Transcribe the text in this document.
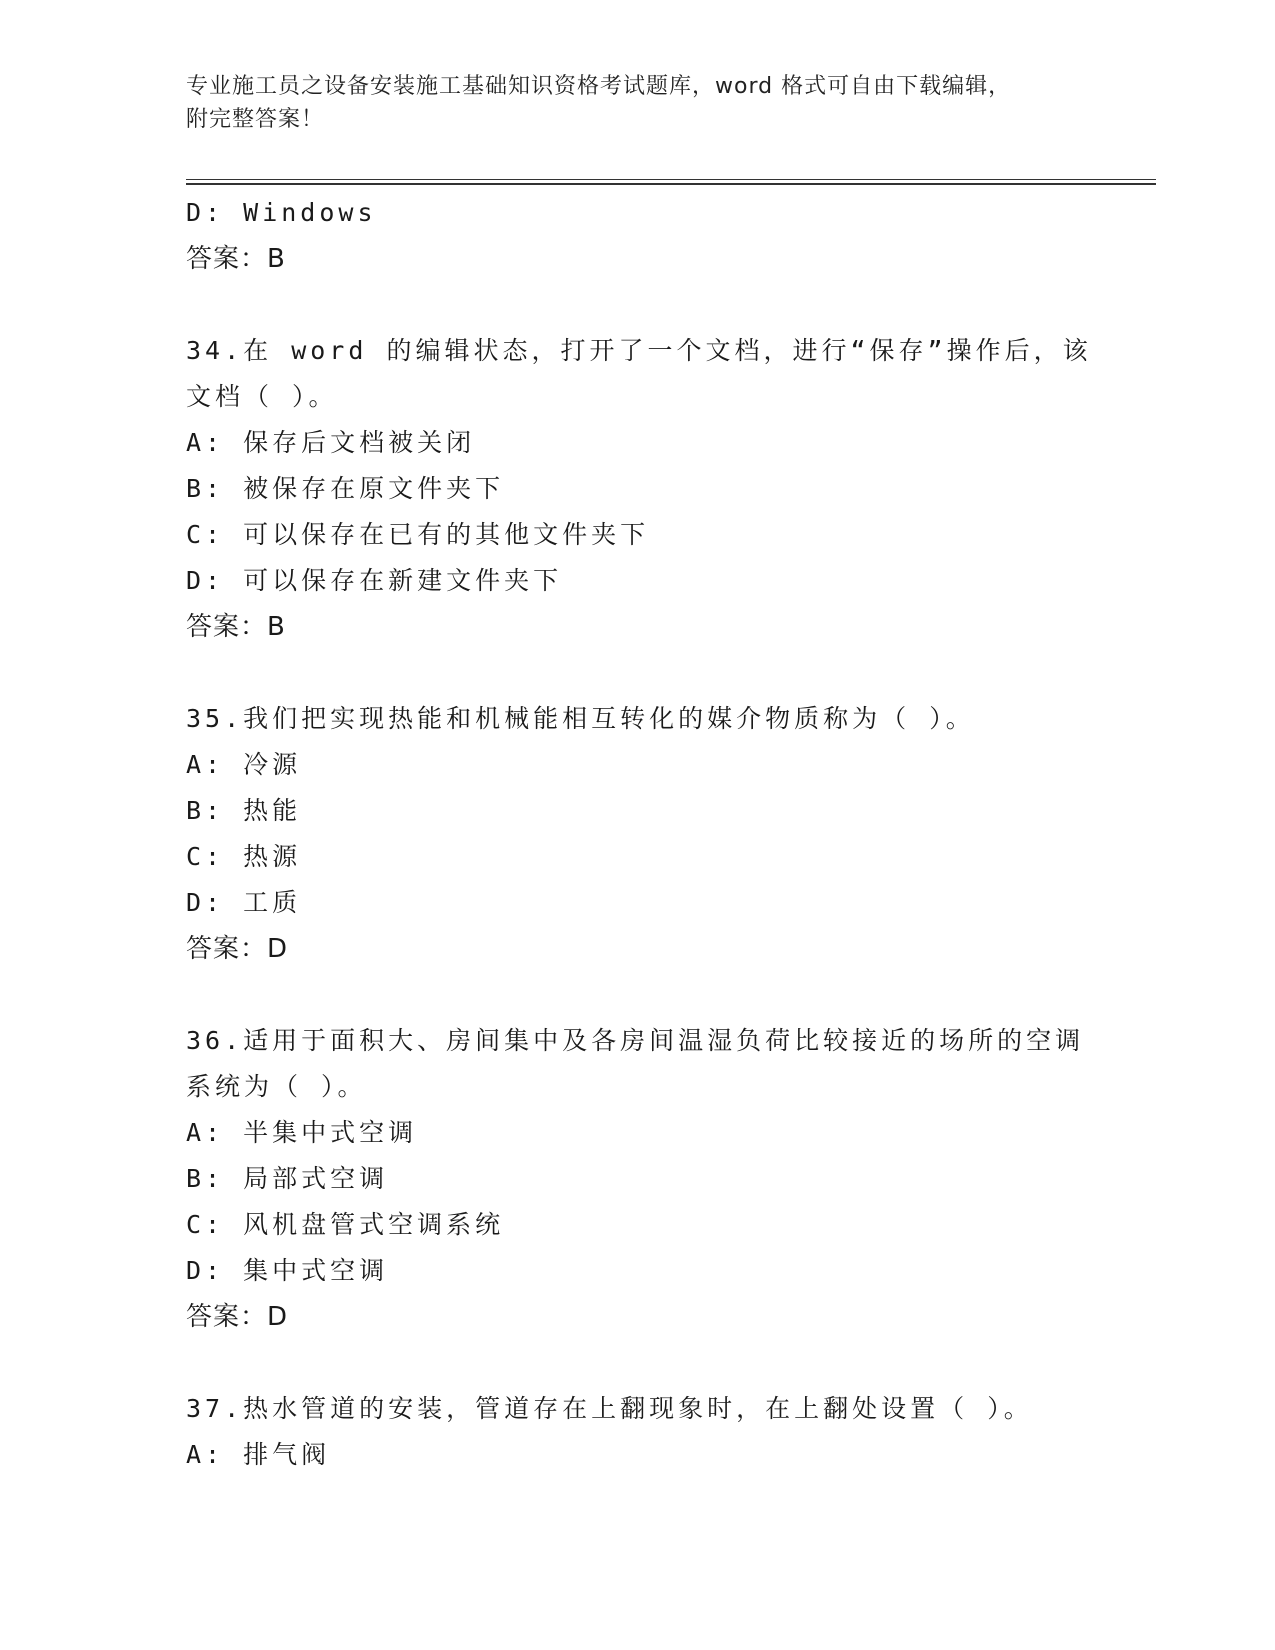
专业施工员之设备安装施工基础知识资格考试题库，word 格式可自由下载编辑，
附完整答案！
D: Windows
答案：B
34.在 word 的编辑状态，打开了一个文档，进行“保存”操作后，该
文档（ ）。
A: 保存后文档被关闭
B: 被保存在原文件夹下
C: 可以保存在已有的其他文件夹下
D: 可以保存在新建文件夹下
答案：B
35.我们把实现热能和机械能相互转化的媒介物质称为（ ）。
A: 冷源
B: 热能
C: 热源
D: 工质
答案：D
36.适用于面积大、房间集中及各房间温湿负荷比较接近的场所的空调
系统为（ ）。
A: 半集中式空调
B: 局部式空调
C: 风机盘管式空调系统
D: 集中式空调
答案：D
37.热水管道的安装，管道存在上翻现象时，在上翻处设置（ ）。
A: 排气阀
